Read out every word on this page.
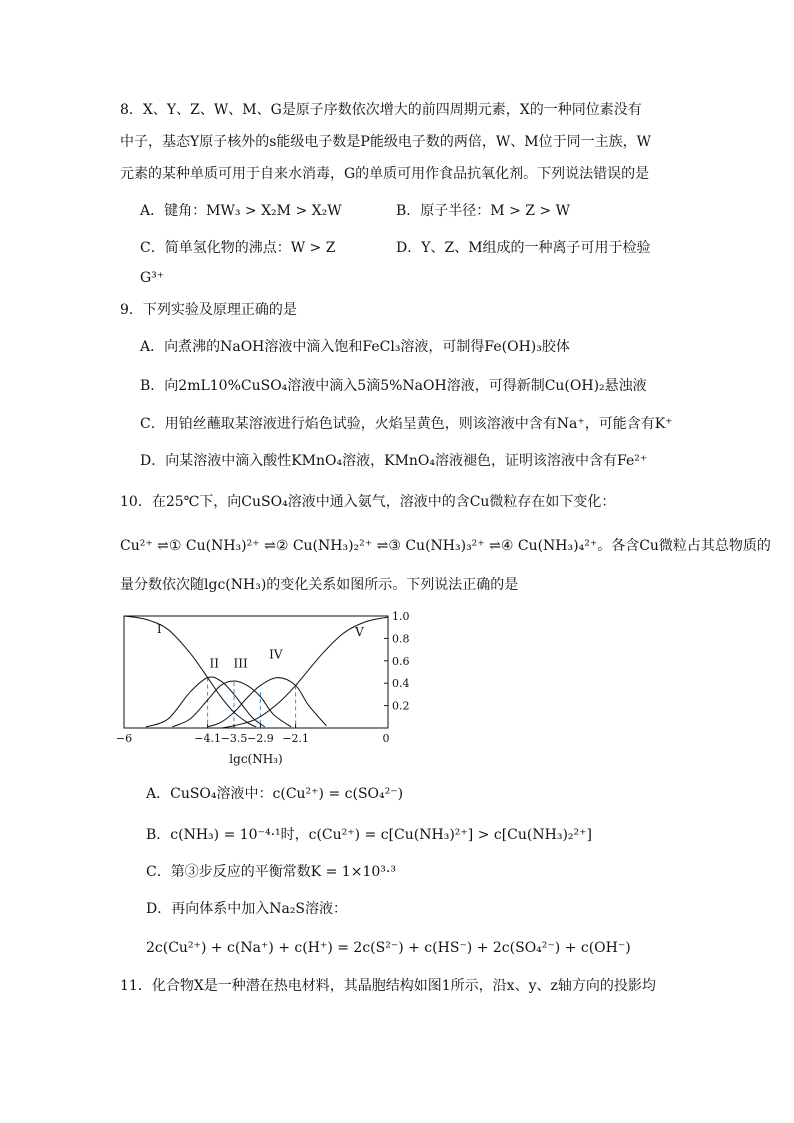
8．X、Y、Z、W、M、G是原子序数依次增大的前四周期元素，X的一种同位素没有
中子，基态Y原子核外的s能级电子数是P能级电子数的两倍，W、M位于同一主族，W
元素的某种单质可用于自来水消毒，G的单质可用作食品抗氧化剂。下列说法错误的是
A．键角：MW₃ > X₂M > X₂W	B．原子半径：M > Z > W
C．简单氢化物的沸点：W > Z	D．Y、Z、M组成的一种离子可用于检验
G³⁺
9．下列实验及原理正确的是
A．向煮沸的NaOH溶液中滴入饱和FeCl₃溶液，可制得Fe(OH)₃胶体
B．向2mL10%CuSO₄溶液中滴入5滴5%NaOH溶液，可得新制Cu(OH)₂悬浊液
C．用铂丝蘸取某溶液进行焰色试验，火焰呈黄色，则该溶液中含有Na⁺，可能含有K⁺
D．向某溶液中滴入酸性KMnO₄溶液，KMnO₄溶液褪色，证明该溶液中含有Fe²⁺
10．在25℃下，向CuSO₄溶液中通入氨气，溶液中的含Cu微粒存在如下变化：
Cu²⁺ ⇌① Cu(NH₃)²⁺ ⇌② Cu(NH₃)₂²⁺ ⇌③ Cu(NH₃)₃²⁺ ⇌④ Cu(NH₃)₄²⁺。各含Cu微粒占其总物质的
量分数依次随lgc(NH₃)的变化关系如图所示。下列说法正确的是
1.0
0.8
0.6
0.4
0.2
−6	−4.1 −3.5 −2.9 −2.1	0
I
II III
IV
V
lgc(NH₃)
A．CuSO₄溶液中：c(Cu²⁺) = c(SO₄²⁻)
B．c(NH₃) = 10⁻⁴·¹时，c(Cu²⁺) = c[Cu(NH₃)²⁺] > c[Cu(NH₃)₂²⁺]
C．第③步反应的平衡常数K = 1×10³·³
D．再向体系中加入Na₂S溶液：
2c(Cu²⁺) + c(Na⁺) + c(H⁺) = 2c(S²⁻) + c(HS⁻) + 2c(SO₄²⁻) + c(OH⁻)
11．化合物X是一种潜在热电材料，其晶胞结构如图1所示，沿x、y、z轴方向的投影均
